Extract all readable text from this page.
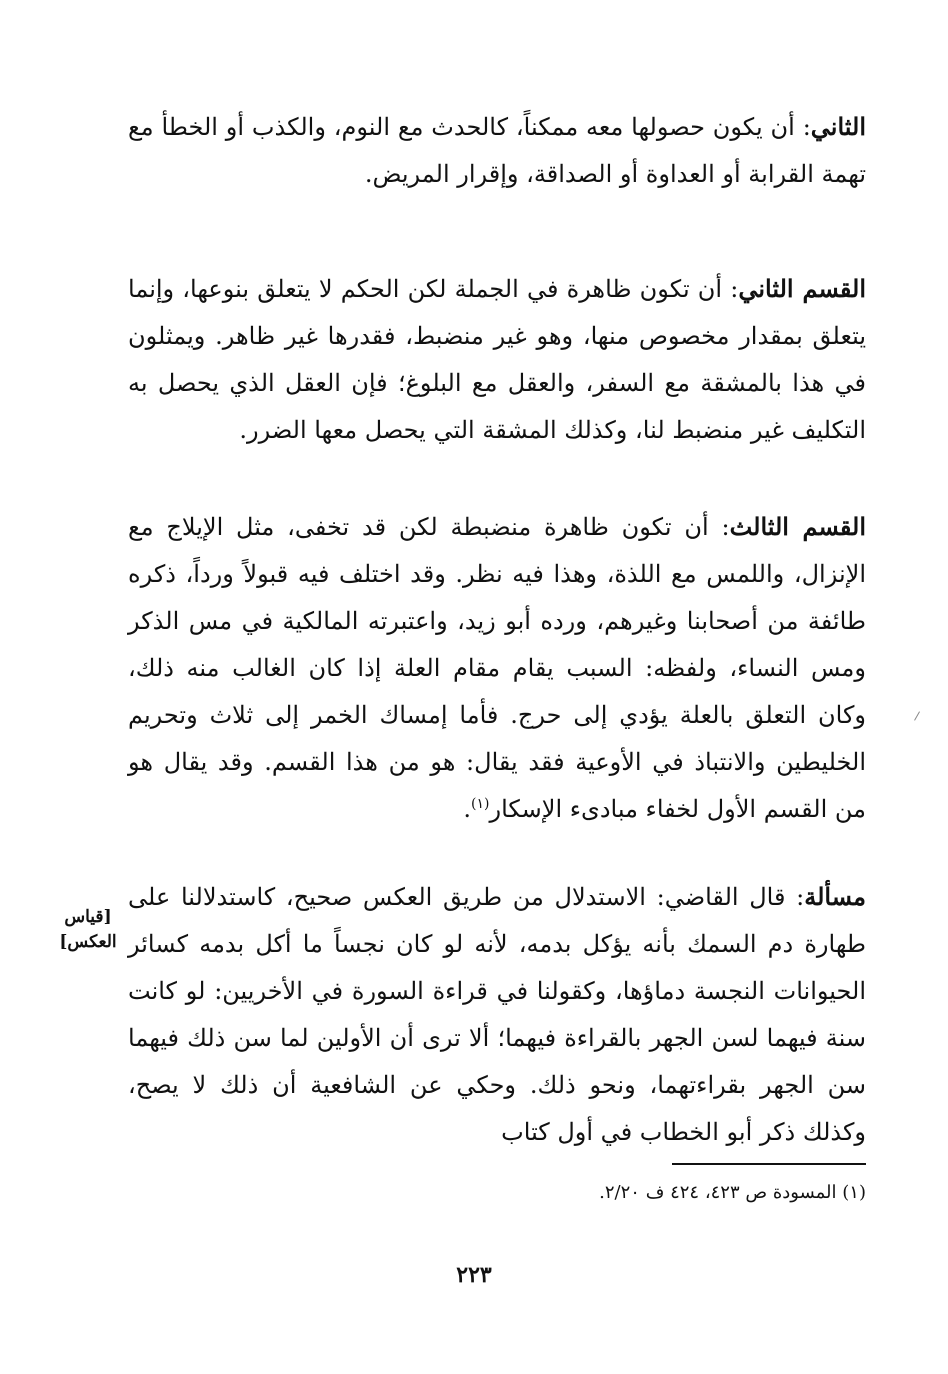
الثاني: أن يكون حصولها معه ممكناً، كالحدث مع النوم، والكذب أو الخطأ مع تهمة القرابة أو العداوة أو الصداقة، وإقرار المريض.

القسم الثاني: أن تكون ظاهرة في الجملة لكن الحكم لا يتعلق بنوعها، وإنما يتعلق بمقدار مخصوص منها، وهو غير منضبط، فقدرها غير ظاهر. ويمثلون في هذا بالمشقة مع السفر، والعقل مع البلوغ؛ فإن العقل الذي يحصل به التكليف غير منضبط لنا، وكذلك المشقة التي يحصل معها الضرر.

القسم الثالث: أن تكون ظاهرة منضبطة لكن قد تخفى، مثل الإيلاج مع الإنزال، واللمس مع اللذة، وهذا فيه نظر. وقد اختلف فيه قبولاً ورداً، ذكره طائفة من أصحابنا وغيرهم، ورده أبو زيد، واعتبرته المالكية في مس الذكر ومس النساء، ولفظه: السبب يقام مقام العلة إذا كان الغالب منه ذلك، وكان التعلق بالعلة يؤدي إلى حرج. فأما إمساك الخمر إلى ثلاث وتحريم الخليطين والانتباذ في الأوعية فقد يقال: هو من هذا القسم. وقد يقال هو من القسم الأول لخفاء مبادىء الإسكار$^{(١)}$.

مسألة: قال القاضي: الاستدلال من طريق العكس صحيح، كاستدلالنا على طهارة دم السمك بأنه يؤكل بدمه، لأنه لو كان نجساً ما أكل بدمه كسائر الحيوانات النجسة دماؤها، وكقولنا في قراءة السورة في الأخريين: لو كانت سنة فيهما لسن الجهر بالقراءة فيهما؛ ألا ترى أن الأولين لما سن ذلك فيهما سن الجهر بقراءتهما، ونحو ذلك. وحكي عن الشافعية أن ذلك لا يصح، وكذلك ذكر أبو الخطاب في أول كتاب

[قياس
العكس]
(١) المسودة ص ٤٢٣، ٤٢٤ ف ٢/٢٠.
٢٢٣
